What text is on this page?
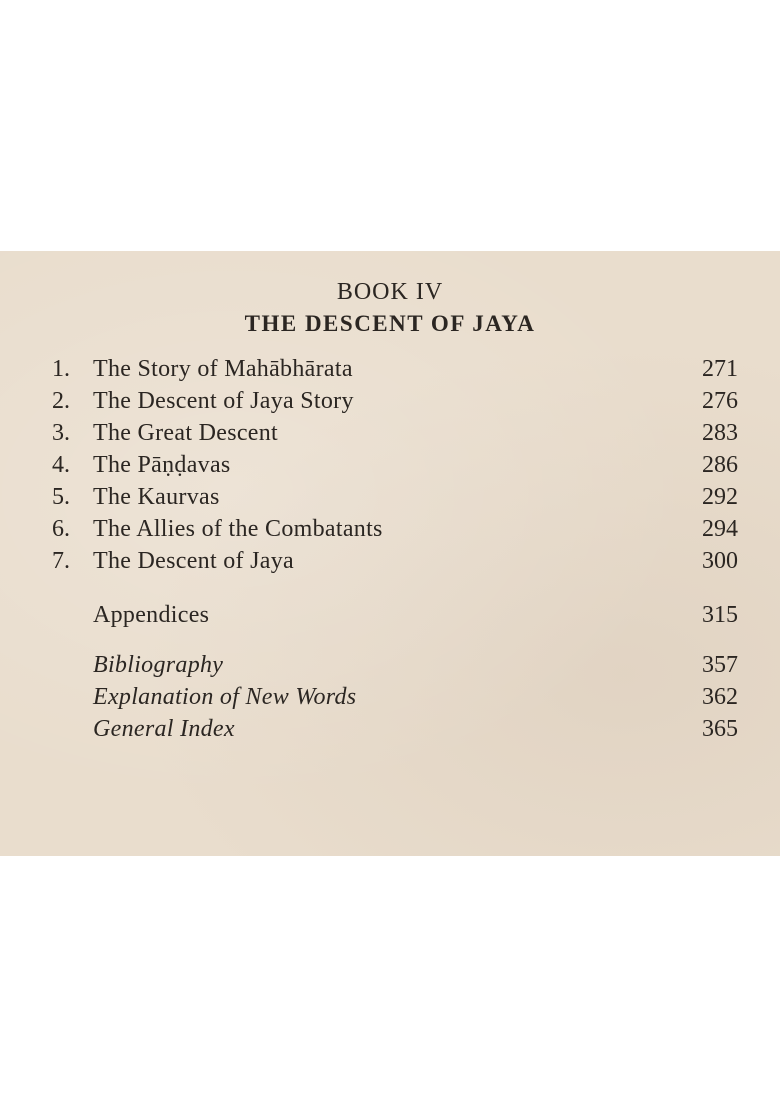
BOOK IV
THE DESCENT OF JAYA
1. The Story of Mahābhārata	271
2. The Descent of Jaya Story	276
3. The Great Descent	283
4. The Pāṇḍavas	286
5. The Kaurvas	292
6. The Allies of the Combatants	294
7. The Descent of Jaya	300
Appendices	315
Bibliography	357
Explanation of New Words	362
General Index	365
